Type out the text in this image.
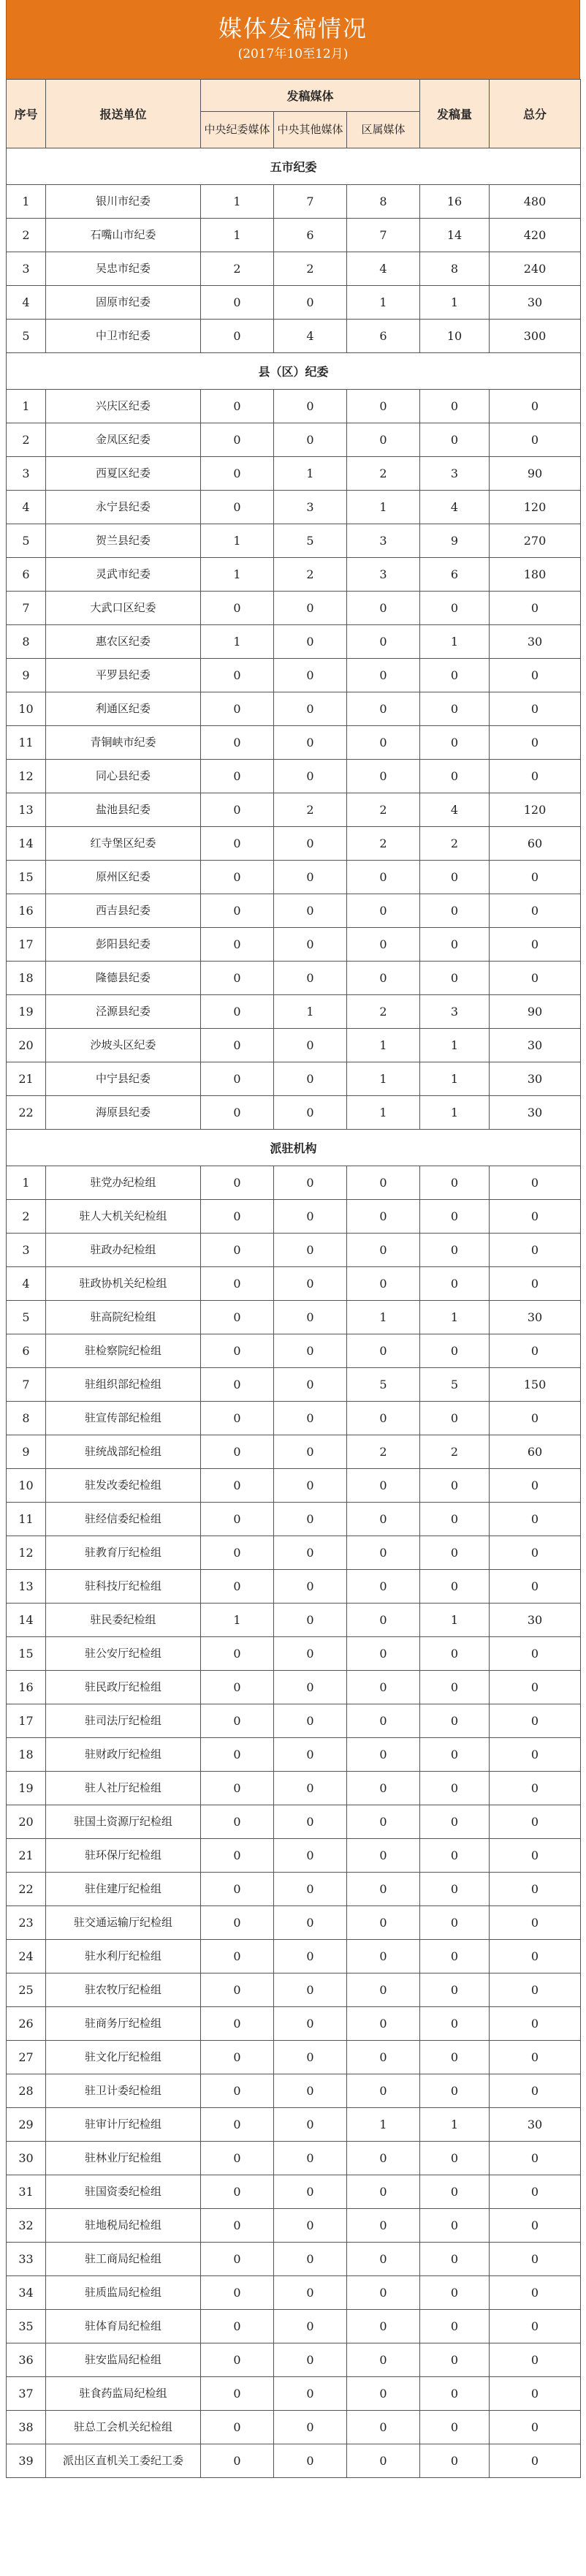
媒体发稿情况
(2017年10至12月)
序号	报送单位	发稿媒体			发稿量	总分
		中央纪委媒体	中央其他媒体	区属媒体		
五市纪委						
1	银川市纪委	1	7	8	16	480
2	石嘴山市纪委	1	6	7	14	420
3	吴忠市纪委	2	2	4	8	240
4	固原市纪委	0	0	1	1	30
5	中卫市纪委	0	4	6	10	300
县（区）纪委						
1	兴庆区纪委	0	0	0	0	0
2	金凤区纪委	0	0	0	0	0
3	西夏区纪委	0	1	2	3	90
4	永宁县纪委	0	3	1	4	120
5	贺兰县纪委	1	5	3	9	270
6	灵武市纪委	1	2	3	6	180
7	大武口区纪委	0	0	0	0	0
8	惠农区纪委	1	0	0	1	30
9	平罗县纪委	0	0	0	0	0
10	利通区纪委	0	0	0	0	0
11	青铜峡市纪委	0	0	0	0	0
12	同心县纪委	0	0	0	0	0
13	盐池县纪委	0	2	2	4	120
14	红寺堡区纪委	0	0	2	2	60
15	原州区纪委	0	0	0	0	0
16	西吉县纪委	0	0	0	0	0
17	彭阳县纪委	0	0	0	0	0
18	隆德县纪委	0	0	0	0	0
19	泾源县纪委	0	1	2	3	90
20	沙坡头区纪委	0	0	1	1	30
21	中宁县纪委	0	0	1	1	30
22	海原县纪委	0	0	1	1	30
派驻机构						
1	驻党办纪检组	0	0	0	0	0
2	驻人大机关纪检组	0	0	0	0	0
3	驻政办纪检组	0	0	0	0	0
4	驻政协机关纪检组	0	0	0	0	0
5	驻高院纪检组	0	0	1	1	30
6	驻检察院纪检组	0	0	0	0	0
7	驻组织部纪检组	0	0	5	5	150
8	驻宣传部纪检组	0	0	0	0	0
9	驻统战部纪检组	0	0	2	2	60
10	驻发改委纪检组	0	0	0	0	0
11	驻经信委纪检组	0	0	0	0	0
12	驻教育厅纪检组	0	0	0	0	0
13	驻科技厅纪检组	0	0	0	0	0
14	驻民委纪检组	1	0	0	1	30
15	驻公安厅纪检组	0	0	0	0	0
16	驻民政厅纪检组	0	0	0	0	0
17	驻司法厅纪检组	0	0	0	0	0
18	驻财政厅纪检组	0	0	0	0	0
19	驻人社厅纪检组	0	0	0	0	0
20	驻国土资源厅纪检组	0	0	0	0	0
21	驻环保厅纪检组	0	0	0	0	0
22	驻住建厅纪检组	0	0	0	0	0
23	驻交通运输厅纪检组	0	0	0	0	0
24	驻水利厅纪检组	0	0	0	0	0
25	驻农牧厅纪检组	0	0	0	0	0
26	驻商务厅纪检组	0	0	0	0	0
27	驻文化厅纪检组	0	0	0	0	0
28	驻卫计委纪检组	0	0	0	0	0
29	驻审计厅纪检组	0	0	1	1	30
30	驻林业厅纪检组	0	0	0	0	0
31	驻国资委纪检组	0	0	0	0	0
32	驻地税局纪检组	0	0	0	0	0
33	驻工商局纪检组	0	0	0	0	0
34	驻质监局纪检组	0	0	0	0	0
35	驻体育局纪检组	0	0	0	0	0
36	驻安监局纪检组	0	0	0	0	0
37	驻食药监局纪检组	0	0	0	0	0
38	驻总工会机关纪检组	0	0	0	0	0
39	派出区直机关工委纪工委	0	0	0	0	0
